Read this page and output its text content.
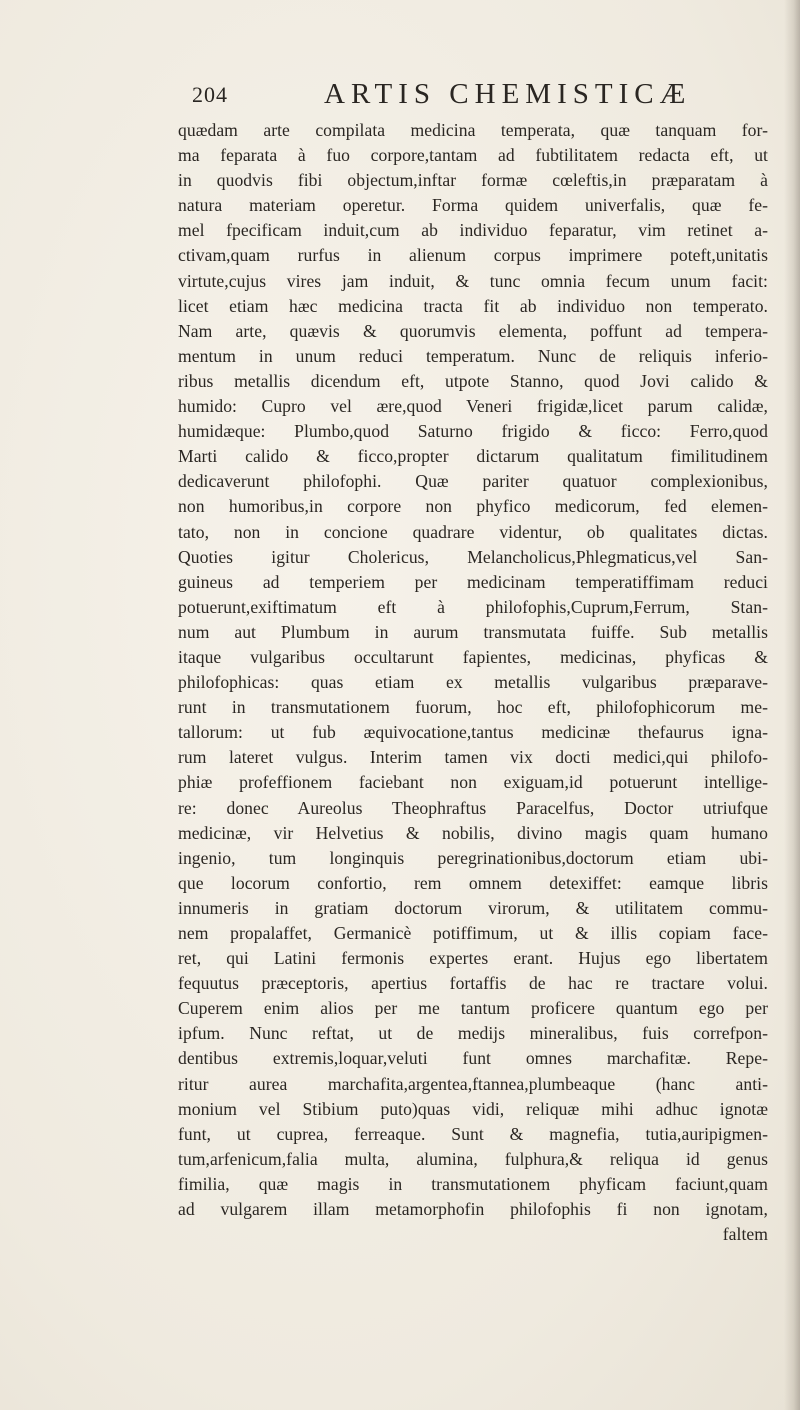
204	ARTIS CHEMISTICÆ
quædam arte compilata medicina temperata, quæ tanquam for-
ma feparata à fuo corpore,tantam ad fubtilitatem redacta eft, ut
in quodvis fibi objectum,inftar formæ cœleftis,in præparatam à
natura materiam operetur. Forma quidem univerfalis, quæ fe-
mel fpecificam induit,cum ab individuo feparatur, vim retinet a-
ctivam,quam rurfus in alienum corpus imprimere poteft,unitatis
virtute,cujus vires jam induit, & tunc omnia fecum unum facit:
licet etiam hæc medicina tracta fit ab individuo non temperato.
Nam arte, quævis & quorumvis elementa, poffunt ad tempera-
mentum in unum reduci temperatum. Nunc de reliquis inferio-
ribus metallis dicendum eft, utpote Stanno, quod Jovi calido &
humido: Cupro vel ære,quod Veneri frigidæ,licet parum calidæ,
humidæque: Plumbo,quod Saturno frigido & ficco: Ferro,quod
Marti calido & ficco,propter dictarum qualitatum fimilitudinem
dedicaverunt philofophi. Quæ pariter quatuor complexionibus,
non humoribus,in corpore non phyfico medicorum, fed elemen-
tato, non in concione quadrare videntur, ob qualitates dictas.
Quoties igitur Cholericus, Melancholicus,Phlegmaticus,vel San-
guineus ad temperiem per medicinam temperatiffimam reduci
potuerunt,exiftimatum eft à philofophis,Cuprum,Ferrum, Stan-
num aut Plumbum in aurum transmutata fuiffe. Sub metallis
itaque vulgaribus occultarunt fapientes, medicinas, phyficas &
philofophicas: quas etiam ex metallis vulgaribus præparave-
runt in transmutationem fuorum, hoc eft, philofophicorum me-
tallorum: ut fub æquivocatione,tantus medicinæ thefaurus igna-
rum lateret vulgus. Interim tamen vix docti medici,qui philofo-
phiæ profeffionem faciebant non exiguam,id potuerunt intellige-
re: donec Aureolus Theophraftus Paracelfus, Doctor utriufque
medicinæ, vir Helvetius & nobilis, divino magis quam humano
ingenio, tum longinquis peregrinationibus,doctorum etiam ubi-
que locorum confortio, rem omnem detexiffet: eamque libris
innumeris in gratiam doctorum virorum, & utilitatem commu-
nem propalaffet, Germanicè potiffimum, ut & illis copiam face-
ret, qui Latini fermonis expertes erant. Hujus ego libertatem
fequutus præceptoris, apertius fortaffis de hac re tractare volui.
Cuperem enim alios per me tantum proficere quantum ego per
ipfum. Nunc reftat, ut de medijs mineralibus, fuis correfpon-
dentibus extremis,loquar,veluti funt omnes marchafitæ. Repe-
ritur aurea marchafita,argentea,ftannea,plumbeaque (hanc anti-
monium vel Stibium puto)quas vidi, reliquæ mihi adhuc ignotæ
funt, ut cuprea, ferreaque. Sunt & magnefia, tutia,auripigmen-
tum,arfenicum,falia multa, alumina, fulphura,& reliqua id genus
fimilia, quæ magis in transmutationem phyficam faciunt,quam
ad vulgarem illam metamorphofin philofophis fi non ignotam,
faltem
